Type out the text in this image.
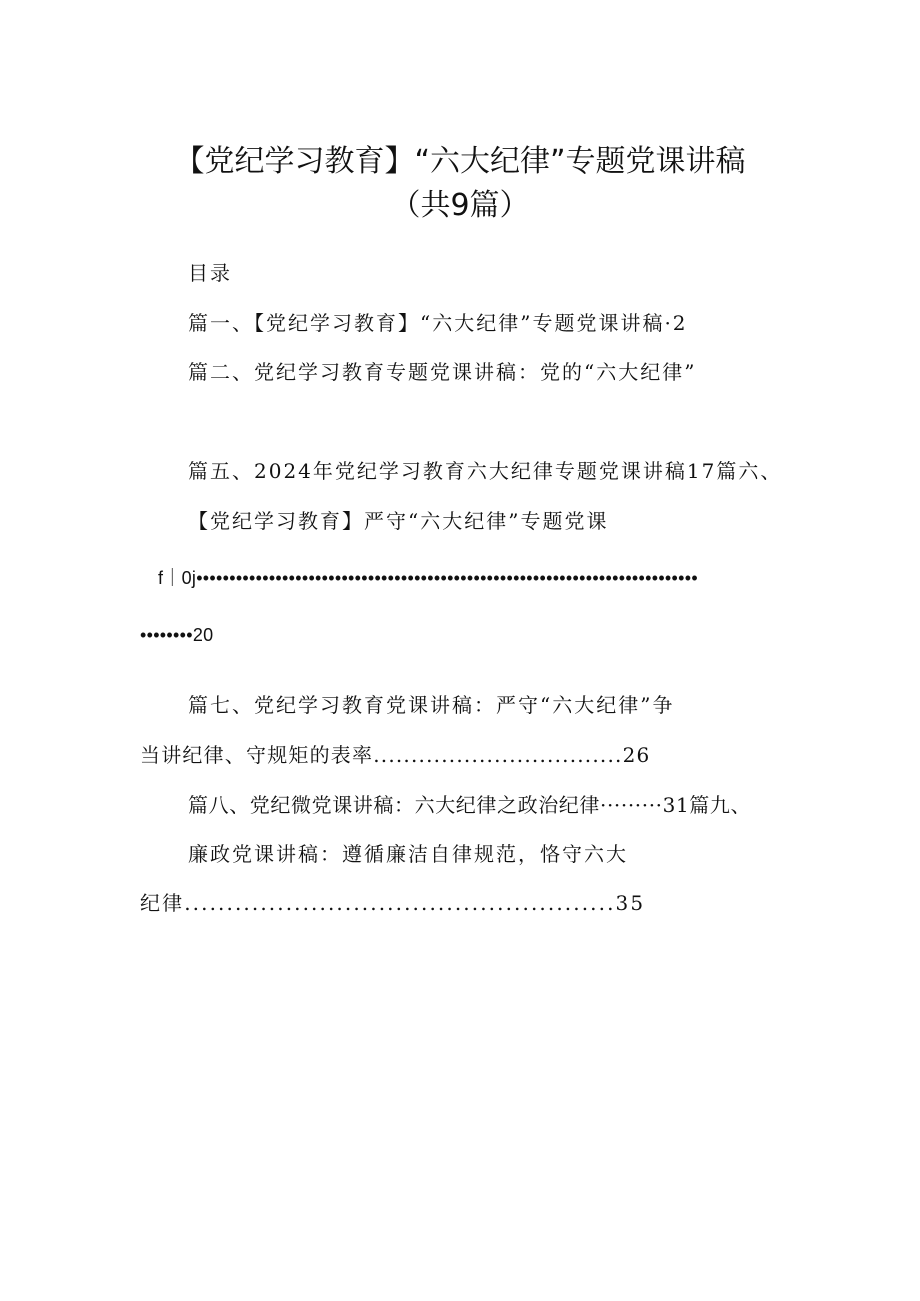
【党纪学习教育】“六大纪律”专题党课讲稿
（共9篇）
目录
篇一、【党纪学习教育】“六大纪律”专题党课讲稿·2
篇二、党纪学习教育专题党课讲稿：党的“六大纪律”
篇五、2024年党纪学习教育六大纪律专题党课讲稿17篇六、
【党纪学习教育】严守“六大纪律”专题党课
f｜0j••••••••••••••••••••••••••••••••••••••••••••••••••••••••••••••••••••••••••••
••••••••20
篇七、党纪学习教育党课讲稿：严守“六大纪律”争
当讲纪律、守规矩的表率.................................26
篇八、党纪微党课讲稿：六大纪律之政治纪律·········31篇九、
廉政党课讲稿：遵循廉洁自律规范，恪守六大
纪律...................................................35
